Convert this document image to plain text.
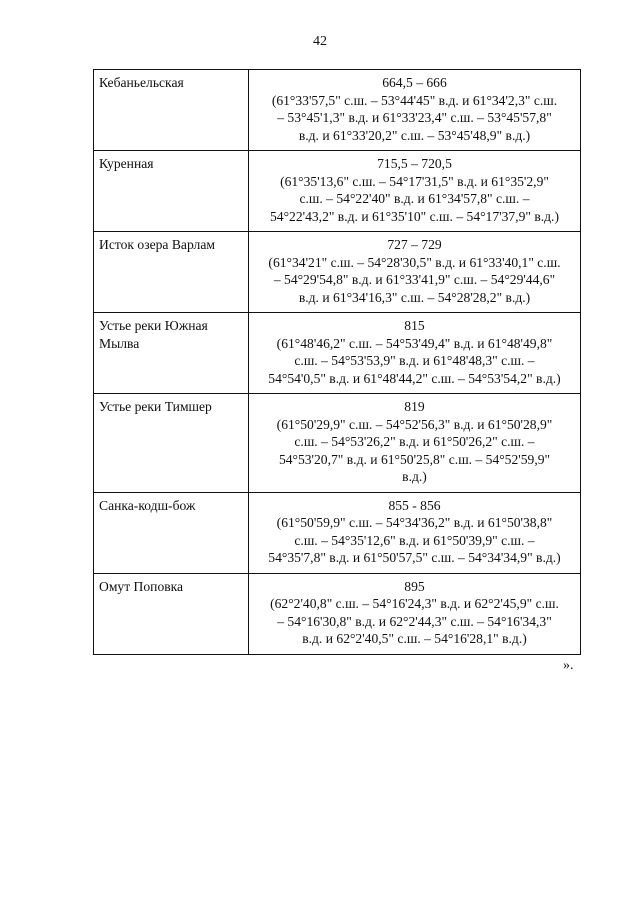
42
Кебаньельская	664,5 – 666
(61°33'57,5" с.ш. – 53°44'45" в.д. и 61°34'2,3" с.ш.
– 53°45'1,3" в.д. и 61°33'23,4" с.ш. – 53°45'57,8"
в.д. и 61°33'20,2" с.ш. – 53°45'48,9" в.д.)

Куренная	715,5 – 720,5
(61°35'13,6" с.ш. – 54°17'31,5" в.д. и 61°35'2,9"
с.ш. – 54°22'40" в.д. и 61°34'57,8" с.ш. –
54°22'43,2" в.д. и 61°35'10" с.ш. – 54°17'37,9" в.д.)

Исток озера Варлам	727 – 729
(61°34'21" с.ш. – 54°28'30,5" в.д. и 61°33'40,1" с.ш.
– 54°29'54,8" в.д. и 61°33'41,9" с.ш. – 54°29'44,6"
в.д. и 61°34'16,3" с.ш. – 54°28'28,2" в.д.)

Устье реки Южная Мылва	815
(61°48'46,2" с.ш. – 54°53'49,4" в.д. и 61°48'49,8"
с.ш. – 54°53'53,9" в.д. и 61°48'48,3" с.ш. –
54°54'0,5" в.д. и 61°48'44,2" с.ш. – 54°53'54,2" в.д.)

Устье реки Тимшер	819
(61°50'29,9" с.ш. – 54°52'56,3" в.д. и 61°50'28,9"
с.ш. – 54°53'26,2" в.д. и 61°50'26,2" с.ш. –
54°53'20,7" в.д. и 61°50'25,8" с.ш. – 54°52'59,9"
в.д.)

Санка-кодш-бож	855 - 856
(61°50'59,9" с.ш. – 54°34'36,2" в.д. и 61°50'38,8"
с.ш. – 54°35'12,6" в.д. и 61°50'39,9" с.ш. –
54°35'7,8" в.д. и 61°50'57,5" с.ш. – 54°34'34,9" в.д.)

Омут Поповка	895
(62°2'40,8" с.ш. – 54°16'24,3" в.д. и 62°2'45,9" с.ш.
– 54°16'30,8" в.д. и 62°2'44,3" с.ш. – 54°16'34,3"
в.д. и 62°2'40,5" с.ш. – 54°16'28,1" в.д.)
».
